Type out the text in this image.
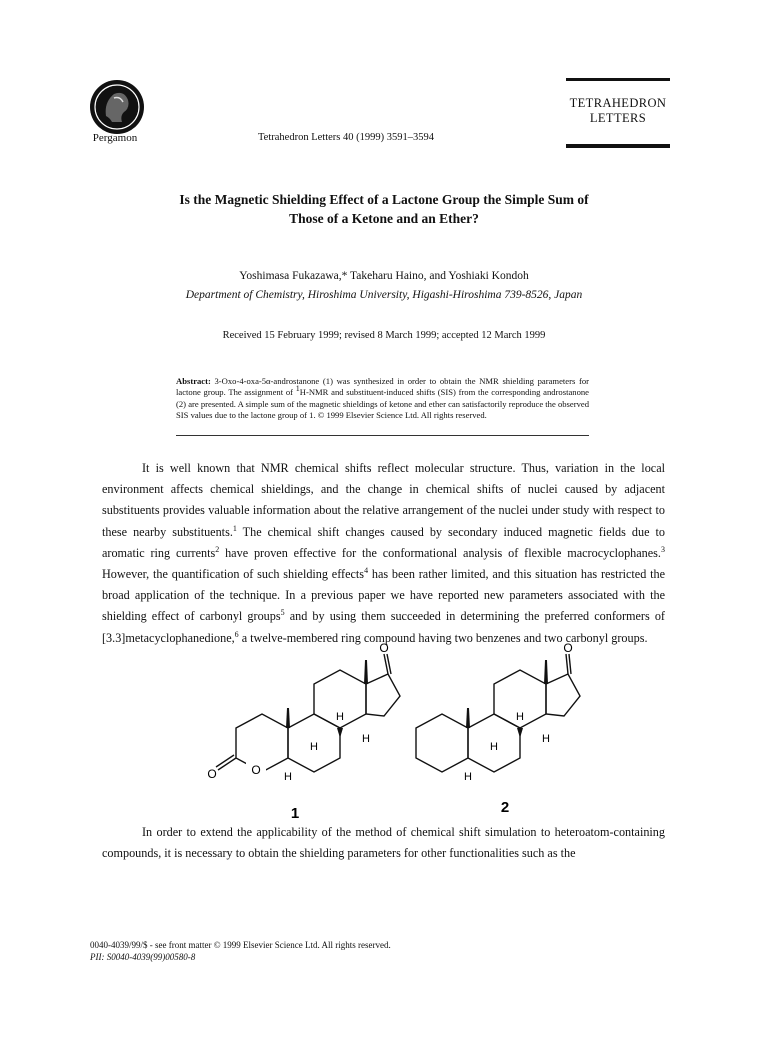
Pergamon	Tetrahedron Letters 40 (1999) 3591–3594
TETRAHEDRON
LETTERS
Is the Magnetic Shielding Effect of a Lactone Group the Simple Sum of
Those of a Ketone and an Ether?
Yoshimasa Fukazawa,* Takeharu Haino, and Yoshiaki Kondoh
Department of Chemistry, Hiroshima University, Higashi-Hiroshima 739-8526, Japan
Received 15 February 1999; revised 8 March 1999; accepted 12 March 1999
Abstract: 3-Oxo-4-oxa-5α-androstanone (1) was synthesized in order to obtain the NMR shielding parameters for lactone group. The assignment of $^1$H-NMR and substituent-induced shifts (SIS) from the corresponding androstanone (2) are presented. A simple sum of the magnetic shieldings of ketone and ether can satisfactorily reproduce the observed SIS values due to the lactone group of 1. © 1999 Elsevier Science Ltd. All rights reserved.
It is well known that NMR chemical shifts reflect molecular structure. Thus, variation in the local environment affects chemical shieldings, and the change in chemical shifts of nuclei caused by adjacent substituents provides valuable information about the relative arrangement of the nuclei under study with respect to these nearby substituents.$^1$ The chemical shift changes caused by secondary induced magnetic fields due to aromatic ring currents$^2$ have proven effective for the conformational analysis of flexible macrocyclophanes.$^3$ However, the quantification of such shielding effects$^4$ has been rather limited, and this situation has restricted the broad application of the technique. In a previous paper we have reported new parameters associated with the shielding effect of carbonyl groups$^5$ and by using them succeeded in determining the preferred conformers of [3.3]metacyclophanedione,$^6$ a twelve-membered ring compound having two benzenes and two carbonyl groups.
O
O
O
H
H
H
H
O
H
H
H
H
1	2
In order to extend the applicability of the method of chemical shift simulation to heteroatom-containing compounds, it is necessary to obtain the shielding parameters for other functionalities such as the
0040-4039/99/$ - see front matter © 1999 Elsevier Science Ltd. All rights reserved.
PII: S0040-4039(99)00580-8
